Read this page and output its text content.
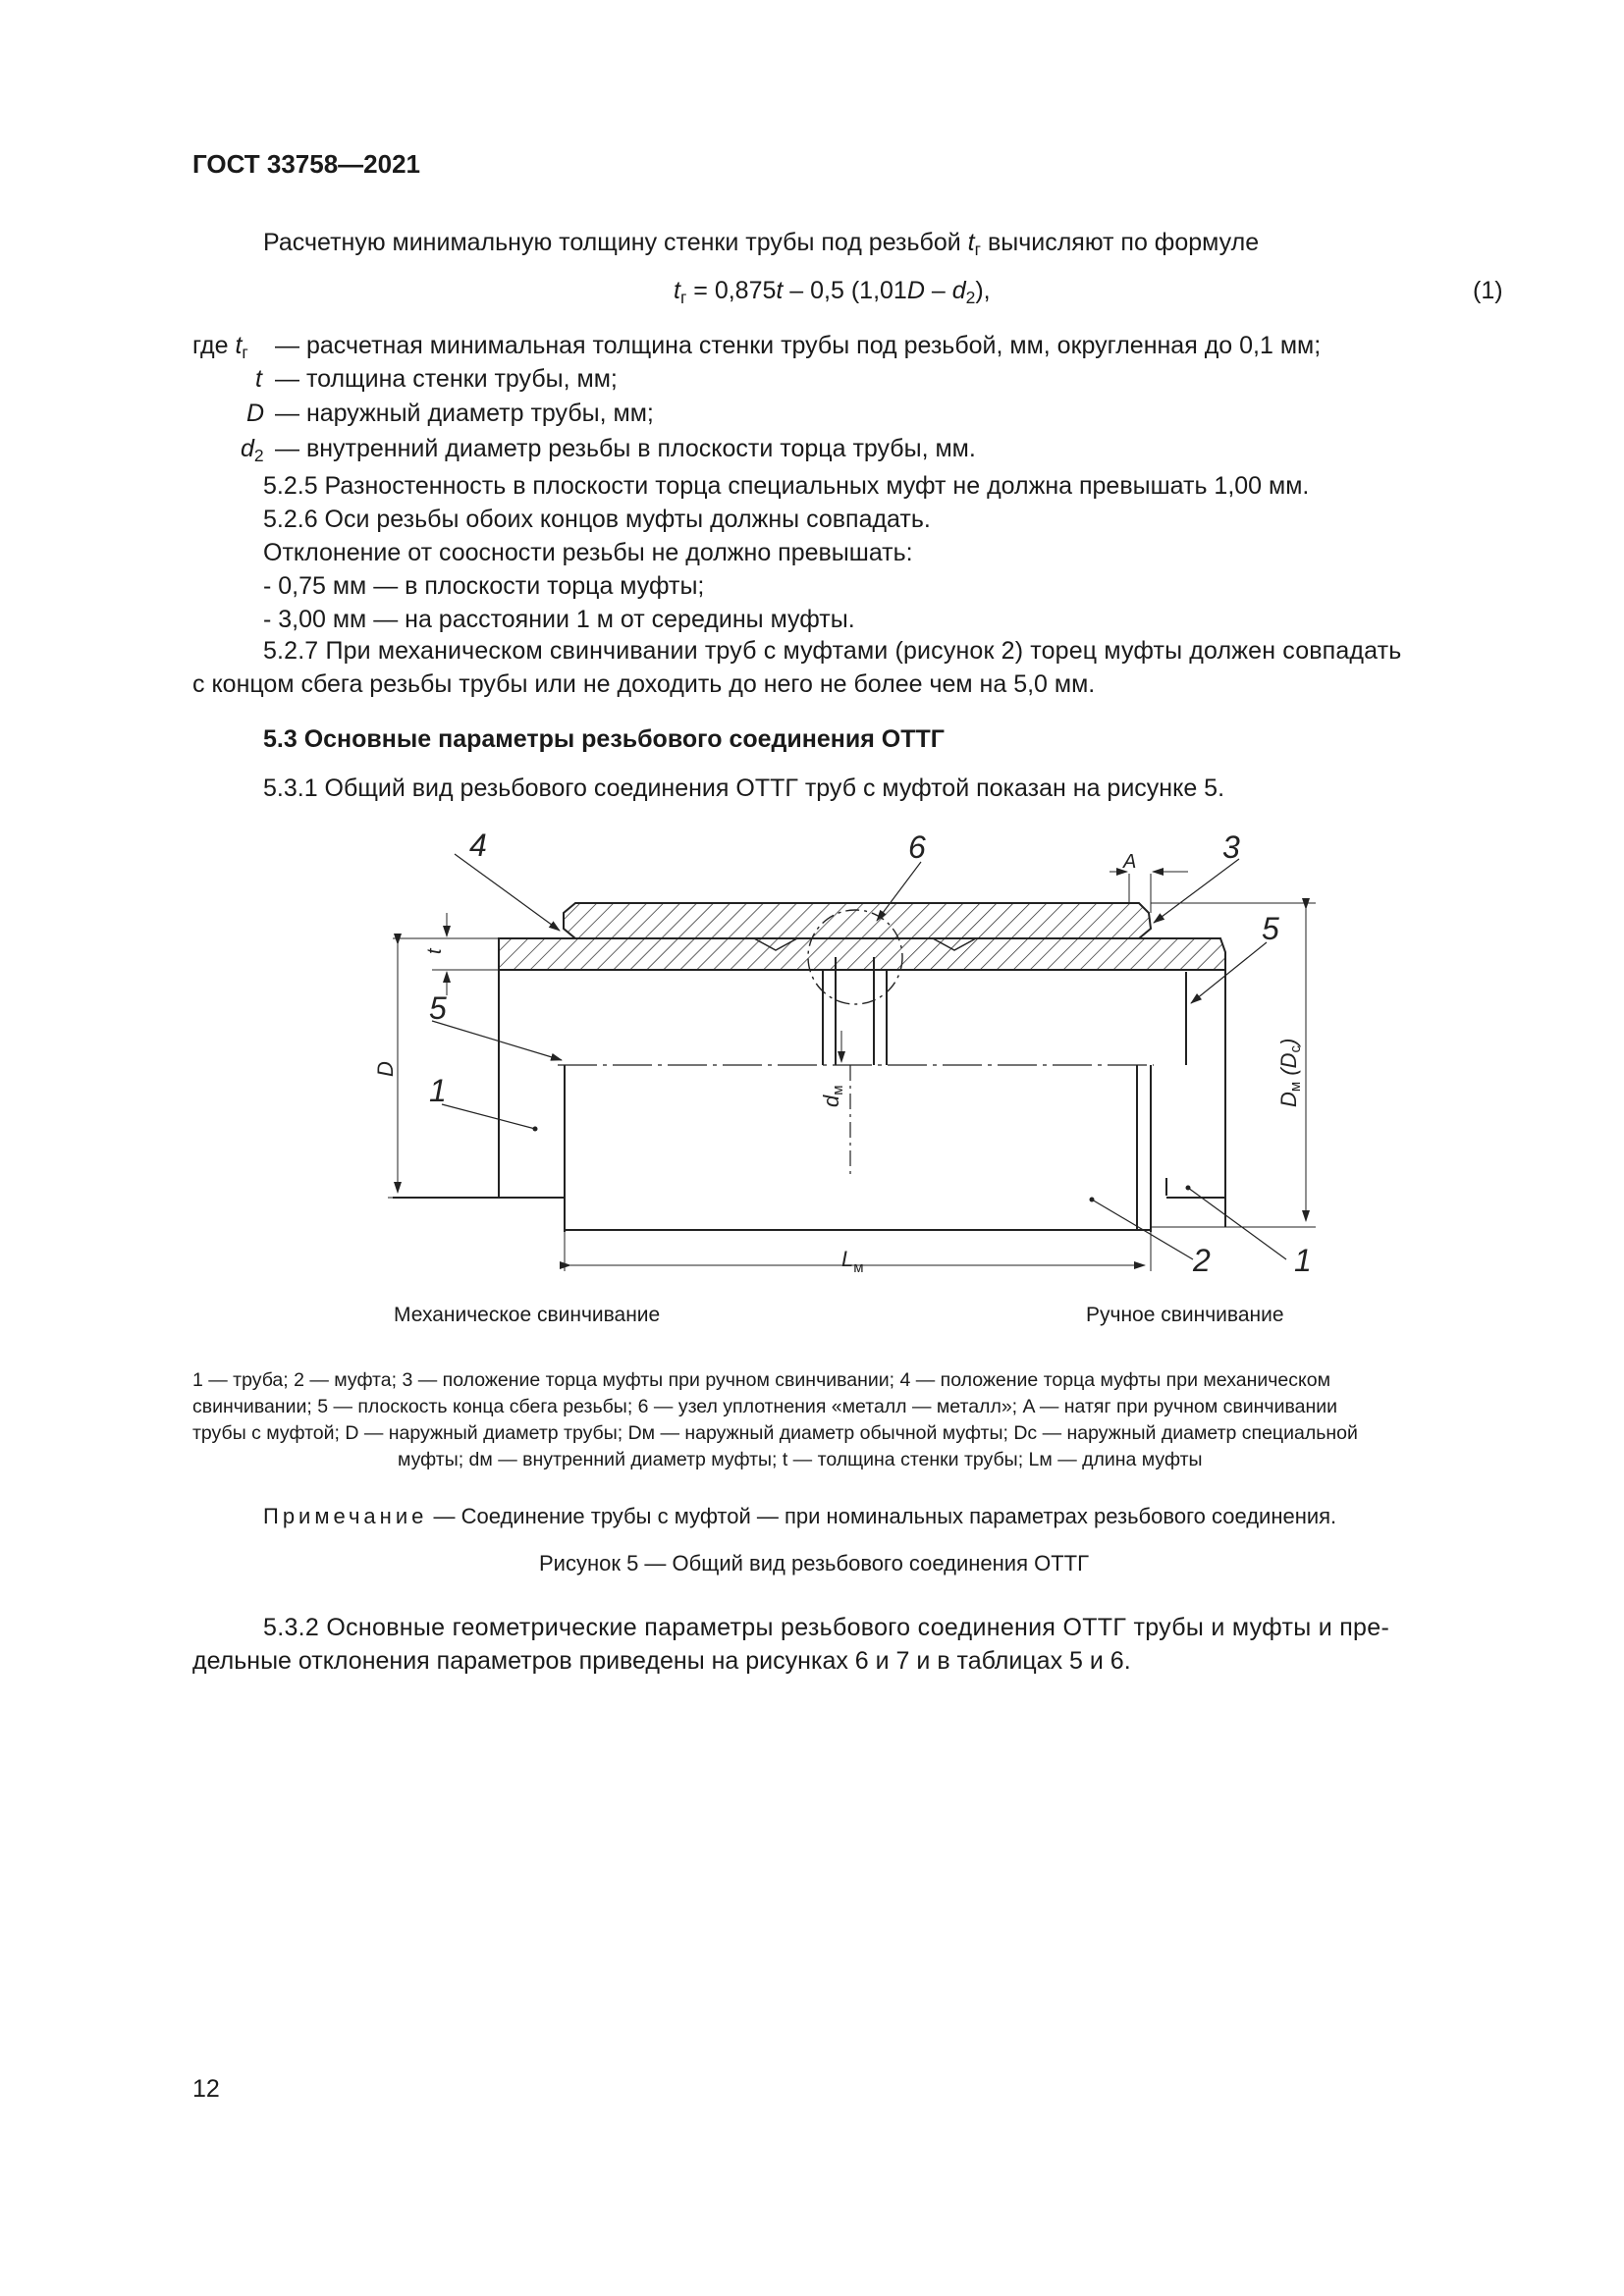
ГОСТ 33758—2021
Расчетную минимальную толщину стенки трубы под резьбой $t_г$ вычисляют по формуле
$t_г = 0,875t - 0,5$ $(1,01D - d_2)$,	(1)
где $t_г$ — расчетная минимальная толщина стенки трубы под резьбой, мм, округленная до 0,1 мм;
t — толщина стенки трубы, мм;
D — наружный диаметр трубы, мм;
$d_2$ — внутренний диаметр резьбы в плоскости торца трубы, мм.
5.2.5 Разностенность в плоскости торца специальных муфт не должна превышать 1,00 мм.
5.2.6 Оси резьбы обоих концов муфты должны совпадать.
Отклонение от соосности резьбы не должно превышать:
- 0,75 мм — в плоскости торца муфты;
- 3,00 мм — на расстоянии 1 м от середины муфты.
5.2.7 При механическом свинчивании труб с муфтами (рисунок 2) торец муфты должен совпадать
с концом сбега резьбы трубы или не доходить до него не более чем на 5,0 мм.
5.3 Основные параметры резьбового соединения ОТТГ
5.3.1 Общий вид резьбового соединения ОТТГ труб с муфтой показан на рисунке 5.
4	6	3
5
5
1
2	1
A
t
D
dм
$L_м$
Dм (Dс)
Механическое свинчивание	Ручное свинчивание
1 — труба; 2 — муфта; 3 — положение торца муфты при ручном свинчивании; 4 — положение торца муфты при механическом
свинчивании; 5 — плоскость конца сбега резьбы; 6 — узел уплотнения «металл — металл»; A — натяг при ручном свинчивании
трубы с муфтой; D — наружный диаметр трубы; Dм — наружный диаметр обычной муфты; Dс — наружный диаметр специальной
муфты; dм — внутренний диаметр муфты; t — толщина стенки трубы; Lм — длина муфты
Примечание — Соединение трубы с муфтой — при номинальных параметрах резьбового соединения.
Рисунок 5 — Общий вид резьбового соединения ОТТГ
5.3.2 Основные геометрические параметры резьбового соединения ОТТГ трубы и муфты и пре-
дельные отклонения параметров приведены на рисунках 6 и 7 и в таблицах 5 и 6.
12
